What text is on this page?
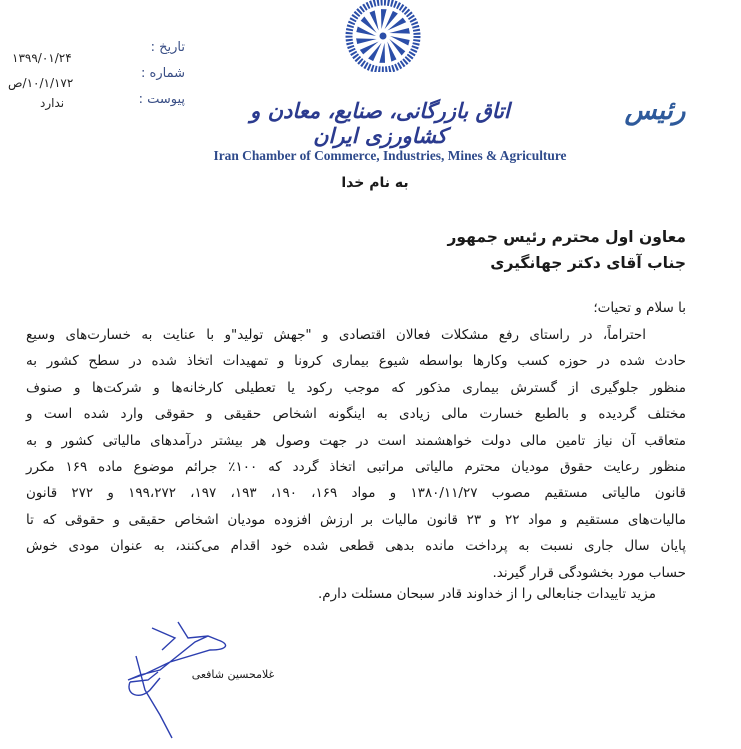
رئیس
اتاق بازرگانی، صنایع، معادن و کشاورزی ایران
Iran Chamber of Commerce, Industries, Mines & Agriculture
تاریخ :
۱۳۹۹/۰۱/۲۴
شماره :
۱۰/۱/۱۷۲/ص
پیوست :
ندارد
به نام خدا
معاون اول محترم رئیس جمهور
جناب آقای دکتر جهانگیری
با سلام و تحیات؛
احتراماً، در راستای رفع مشکلات فعالان اقتصادی و "جهش تولید"و با عنایت به خسارت‌های وسیع
حادث شده در حوزه کسب وکارها بواسطه شیوع بیماری کرونا و تمهیدات اتخاذ شده در سطح کشور به
منظور جلوگیری از گسترش بیماری مذکور که موجب رکود یا تعطیلی کارخانه‌ها و شرکت‌ها و صنوف
مختلف گردیده و بالطبع خسارت مالی زیادی به اینگونه اشخاص حقیقی و حقوقی وارد شده است و
متعاقب آن نیاز تامین مالی دولت خواهشمند است در جهت وصول هر بیشتر درآمدهای مالیاتی کشور و به
منظور رعایت حقوق مودیان محترم مالیاتی مراتبی اتخاذ گردد که ۱۰۰٪ جرائم موضوع ماده ۱۶۹ مکرر
قانون مالیاتی مستقیم مصوب ۱۳۸۰/۱۱/۲۷ و مواد ۱۶۹، ۱۹۰، ۱۹۳، ۱۹۷، ۱۹۹،۲۷۲ و ۲۷۲ قانون
مالیات‌های مستقیم و مواد ۲۲ و ۲۳ قانون مالیات بر ارزش افزوده مودیان اشخاص حقیقی و حقوقی که تا
پایان سال جاری نسبت به پرداخت مانده بدهی قطعی شده خود اقدام می‌کنند، به عنوان مودی خوش
حساب مورد بخشودگی قرار گیرند.
مزید تاییدات جنابعالی را از خداوند قادر سبحان مسئلت دارم.
غلامحسین شافعی
